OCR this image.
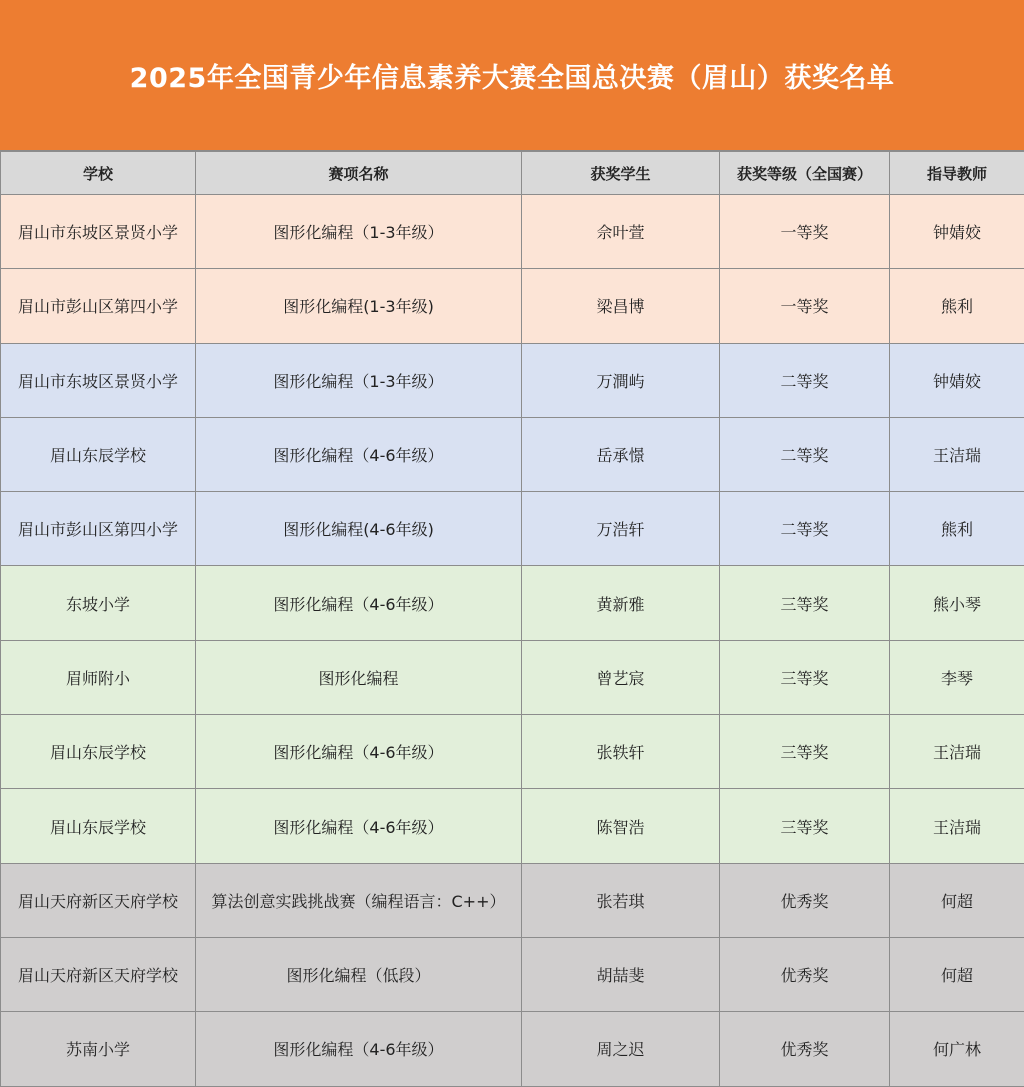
2025年全国青少年信息素养大赛全国总决赛（眉山）获奖名单
学校	赛项名称	获奖学生	获奖等级（全国赛）	指导教师
眉山市东坡区景贤小学	图形化编程（1-3年级）	佘叶萱	一等奖	钟婧姣
眉山市彭山区第四小学	图形化编程(1-3年级)	梁昌博	一等奖	熊利
眉山市东坡区景贤小学	图形化编程（1-3年级）	万澗屿	二等奖	钟婧姣
眉山东辰学校	图形化编程（4-6年级）	岳承憬	二等奖	王洁瑞
眉山市彭山区第四小学	图形化编程(4-6年级)	万浩轩	二等奖	熊利
东坡小学	图形化编程（4-6年级）	黄新雅	三等奖	熊小琴
眉师附小	图形化编程	曾艺宸	三等奖	李琴
眉山东辰学校	图形化编程（4-6年级）	张轶轩	三等奖	王洁瑞
眉山东辰学校	图形化编程（4-6年级）	陈智浩	三等奖	王洁瑞
眉山天府新区天府学校	算法创意实践挑战赛（编程语言：C++）	张若琪	优秀奖	何超
眉山天府新区天府学校	图形化编程（低段）	胡喆斐	优秀奖	何超
苏南小学	图形化编程（4-6年级）	周之迟	优秀奖	何广林
